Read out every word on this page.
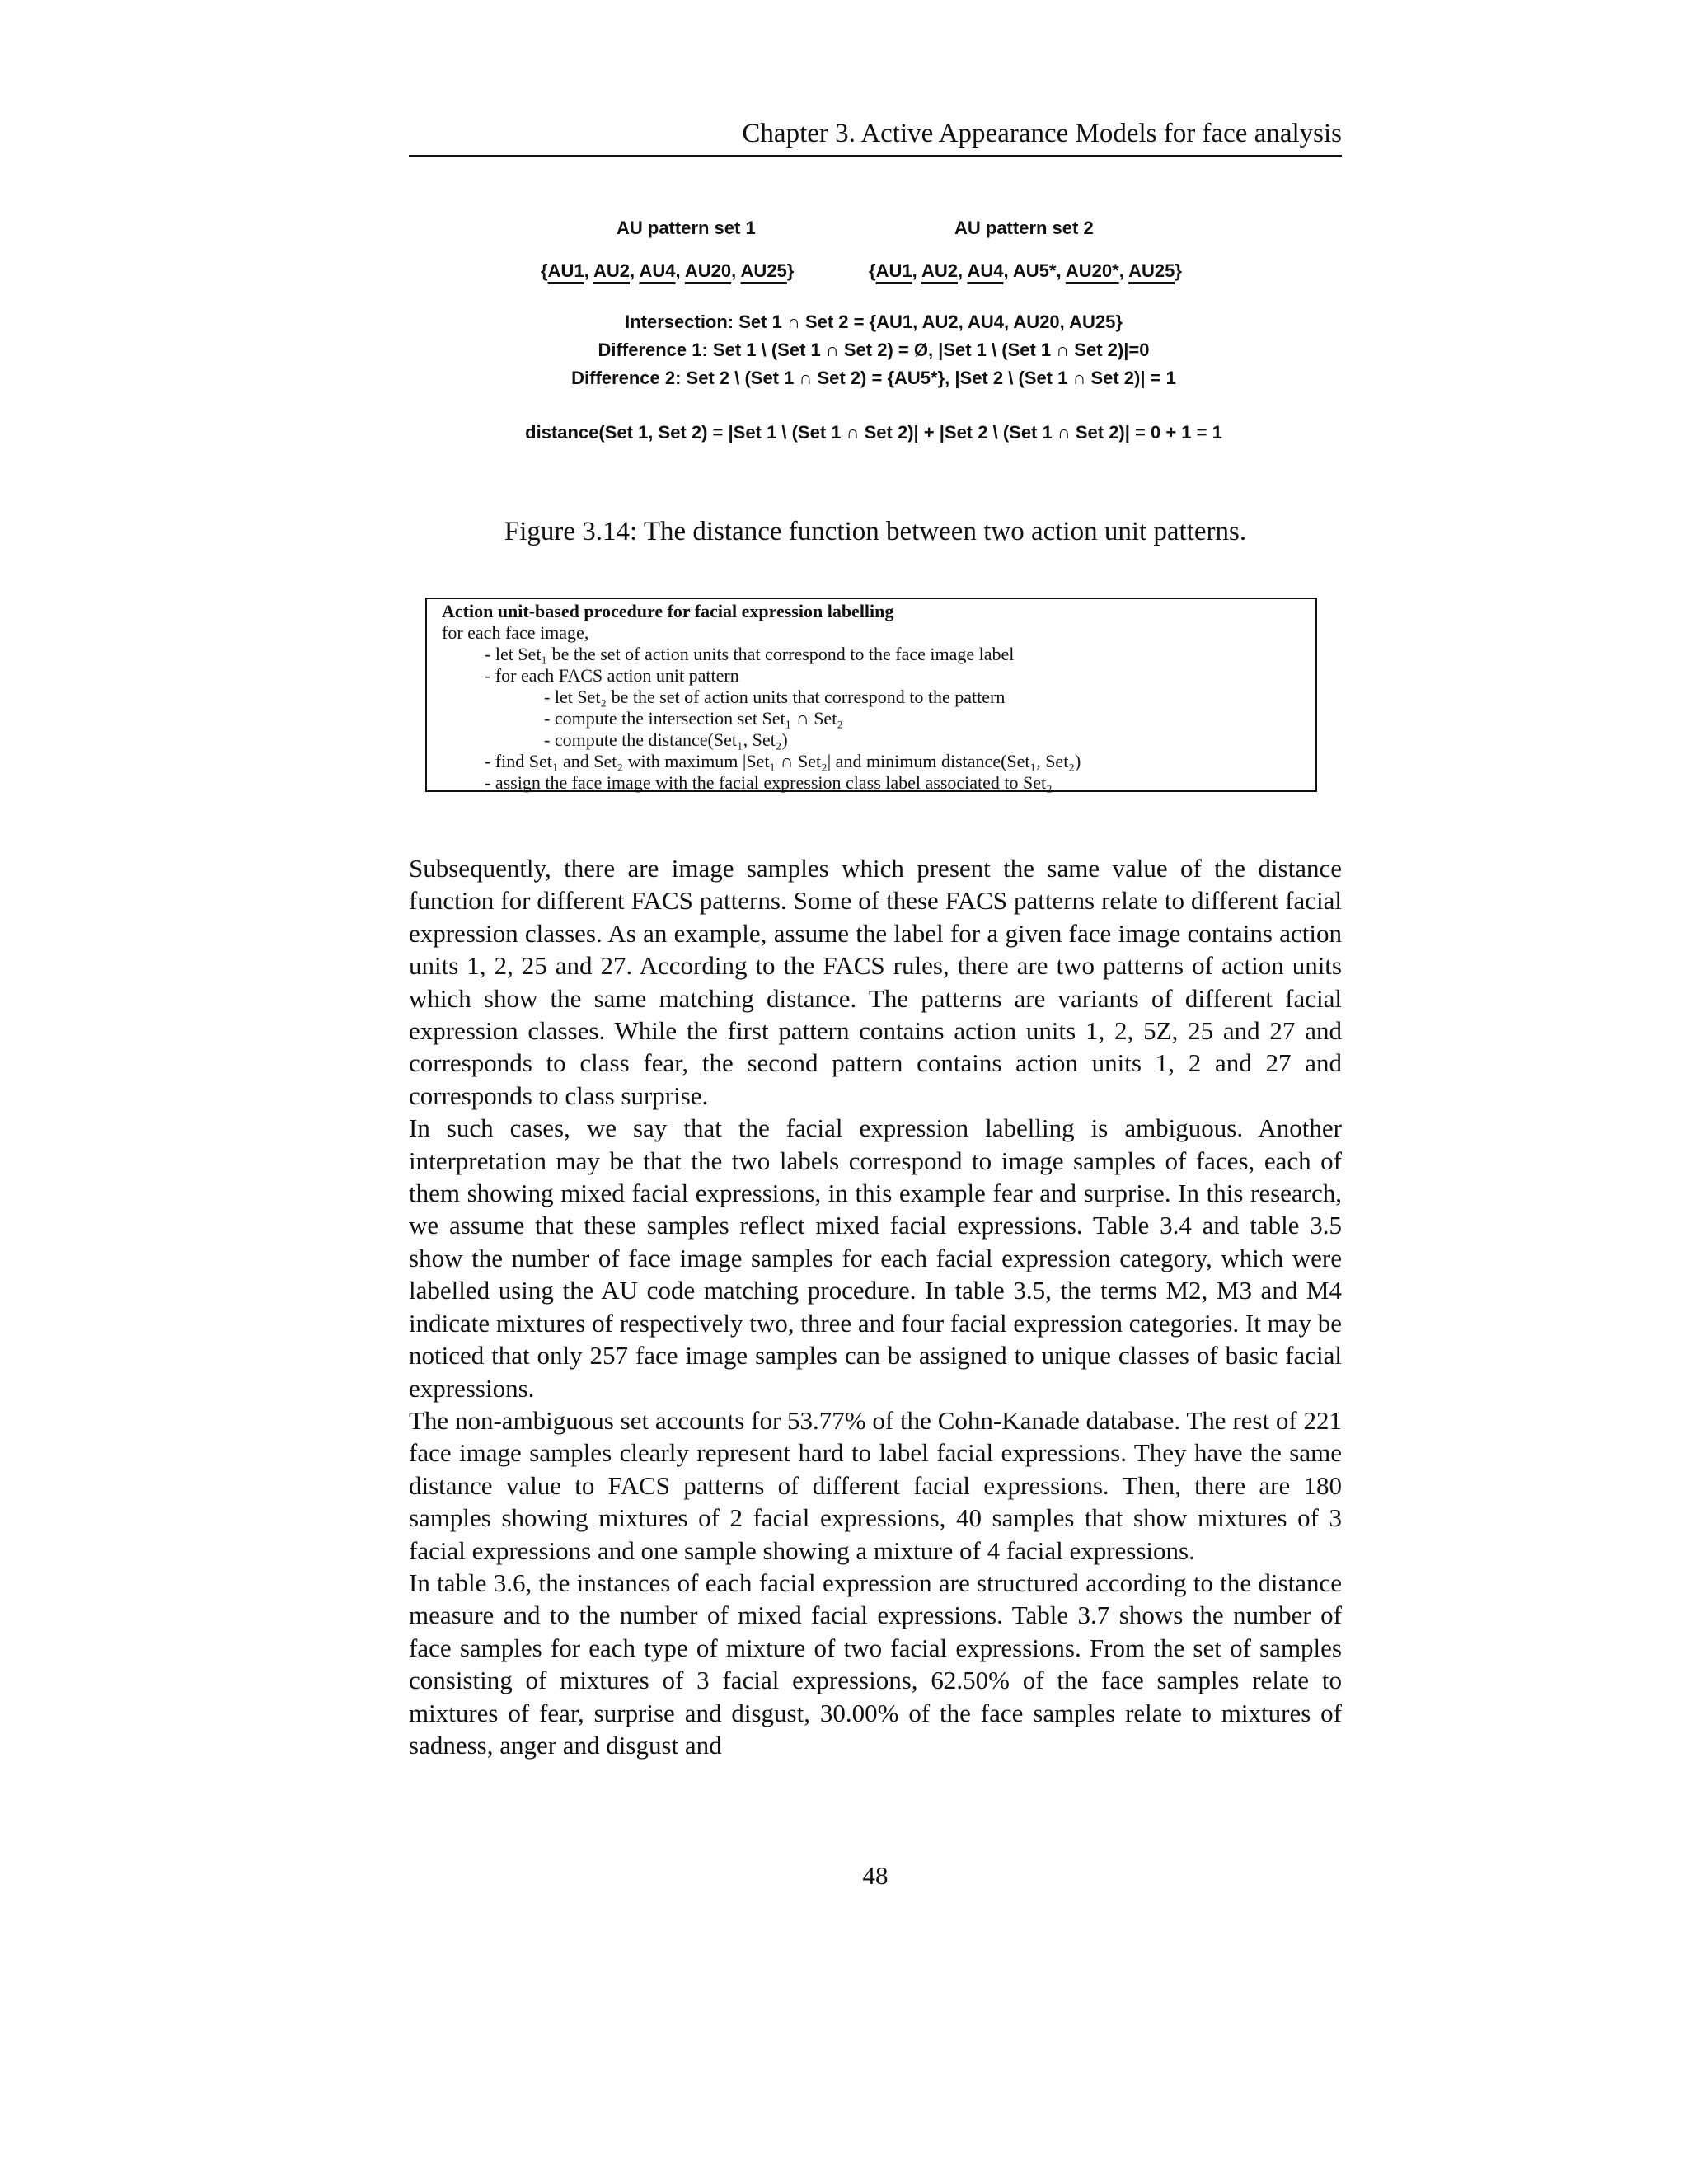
Chapter 3. Active Appearance Models for face analysis
AU pattern set 1	AU pattern set 2
{AU1, AU2, AU4, AU20, AU25}	{AU1, AU2, AU4, AU5*, AU20*, AU25}
Intersection: Set 1 ∩ Set 2 = {AU1, AU2, AU4, AU20, AU25}
Difference 1: Set 1 \ (Set 1 ∩ Set 2) = Ø, |Set 1 \ (Set 1 ∩ Set 2)|=0
Difference 2: Set 2 \ (Set 1 ∩ Set 2) = {AU5*}, |Set 2 \ (Set 1 ∩ Set 2)| = 1
distance(Set 1, Set 2) = |Set 1 \ (Set 1 ∩ Set 2)| + |Set 2 \ (Set 1 ∩ Set 2)| = 0 + 1 = 1
Figure 3.14: The distance function between two action unit patterns.
Action unit-based procedure for facial expression labelling
for each face image,
- let Set₁ be the set of action units that correspond to the face image label
- for each FACS action unit pattern
- let Set₂ be the set of action units that correspond to the pattern
- compute the intersection set Set₁ ∩ Set₂
- compute the distance(Set₁, Set₂)
- find Set₁ and Set₂ with maximum |Set₁ ∩ Set₂| and minimum distance(Set₁, Set₂)
- assign the face image with the facial expression class label associated to Set₂

Subsequently, there are image samples which present the same value of the distance function for different FACS patterns. Some of these FACS patterns relate to different facial expression classes. As an example, assume the label for a given face image contains action units 1, 2, 25 and 27. According to the FACS rules, there are two patterns of action units which show the same matching distance. The patterns are variants of different facial expression classes. While the first pattern contains action units 1, 2, 5Z, 25 and 27 and corresponds to class fear, the second pattern contains action units 1, 2 and 27 and corresponds to class surprise.

In such cases, we say that the facial expression labelling is ambiguous. Another interpretation may be that the two labels correspond to image samples of faces, each of them showing mixed facial expressions, in this example fear and surprise. In this research, we assume that these samples reflect mixed facial expressions. Table 3.4 and table 3.5 show the number of face image samples for each facial expression category, which were labelled using the AU code matching procedure. In table 3.5, the terms M2, M3 and M4 indicate mixtures of respectively two, three and four facial expression categories. It may be noticed that only 257 face image samples can be assigned to unique classes of basic facial expressions.

The non-ambiguous set accounts for 53.77% of the Cohn-Kanade database. The rest of 221 face image samples clearly represent hard to label facial expressions. They have the same distance value to FACS patterns of different facial expressions. Then, there are 180 samples showing mixtures of 2 facial expressions, 40 samples that show mixtures of 3 facial expressions and one sample showing a mixture of 4 facial expressions.

In table 3.6, the instances of each facial expression are structured according to the distance measure and to the number of mixed facial expressions. Table 3.7 shows the number of face samples for each type of mixture of two facial expressions. From the set of samples consisting of mixtures of 3 facial expressions, 62.50% of the face samples relate to mixtures of fear, surprise and disgust, 30.00% of the face samples relate to mixtures of sadness, anger and disgust and

48
